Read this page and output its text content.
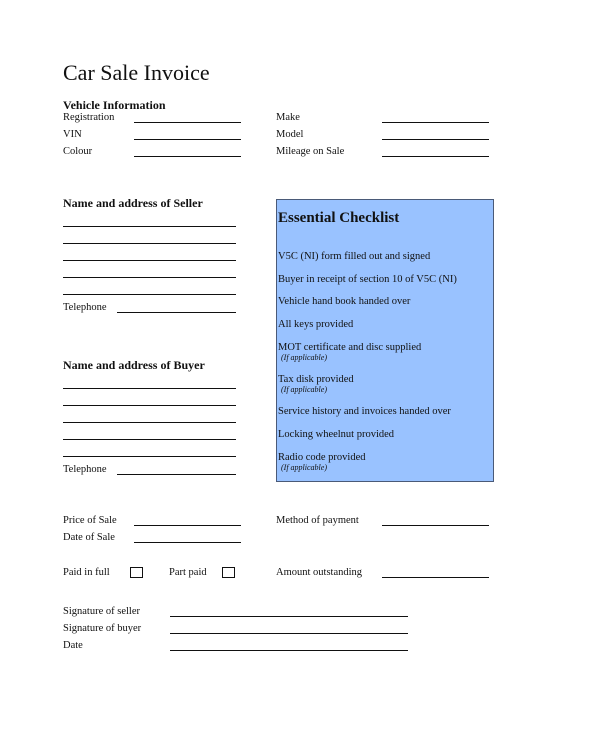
Car Sale Invoice
Vehicle Information
Registration
VIN
Colour
Make
Model
Mileage on Sale
Name and address of Seller
Telephone
Name and address of Buyer
Telephone
Essential Checklist
V5C (NI) form filled out and signed
Buyer in receipt of section 10 of V5C (NI)
Vehicle hand book handed over
All keys provided
MOT certificate and disc supplied
(If applicable)
Tax disk provided
(If applicable)
Service history and invoices handed over
Locking wheelnut provided
Radio code provided
(If applicable)
Price of Sale
Date of Sale
Method of payment
Paid in full	Part paid	Amount outstanding
Signature of seller
Signature of buyer
Date
